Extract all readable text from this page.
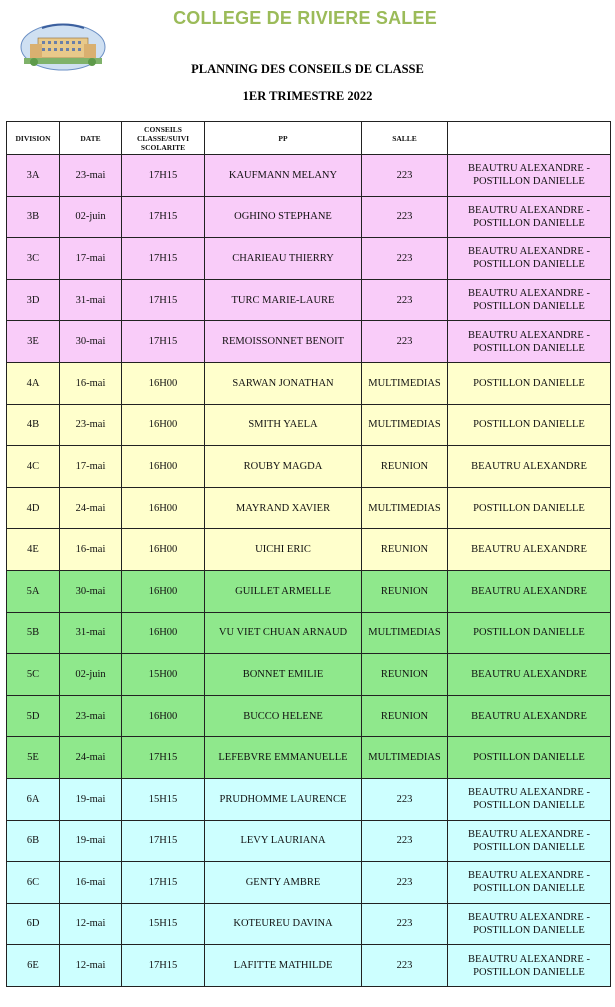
COLLEGE DE RIVIERE SALEE
PLANNING DES CONSEILS DE CLASSE
1ER TRIMESTRE 2022
DIVISION	DATE	CONSEILS CLASSE/SUIVI SCOLARITE	PP	SALLE	
3A	23-mai	17H15	KAUFMANN MELANY	223	BEAUTRU ALEXANDRE - POSTILLON DANIELLE
3B	02-juin	17H15	OGHINO STEPHANE	223	BEAUTRU ALEXANDRE - POSTILLON DANIELLE
3C	17-mai	17H15	CHARIEAU THIERRY	223	BEAUTRU ALEXANDRE - POSTILLON DANIELLE
3D	31-mai	17H15	TURC MARIE-LAURE	223	BEAUTRU ALEXANDRE - POSTILLON DANIELLE
3E	30-mai	17H15	REMOISSONNET BENOIT	223	BEAUTRU ALEXANDRE - POSTILLON DANIELLE
4A	16-mai	16H00	SARWAN JONATHAN	MULTIMEDIAS	POSTILLON DANIELLE
4B	23-mai	16H00	SMITH YAELA	MULTIMEDIAS	POSTILLON DANIELLE
4C	17-mai	16H00	ROUBY MAGDA	REUNION	BEAUTRU ALEXANDRE
4D	24-mai	16H00	MAYRAND XAVIER	MULTIMEDIAS	POSTILLON DANIELLE
4E	16-mai	16H00	UICHI ERIC	REUNION	BEAUTRU ALEXANDRE
5A	30-mai	16H00	GUILLET ARMELLE	REUNION	BEAUTRU ALEXANDRE
5B	31-mai	16H00	VU VIET CHUAN ARNAUD	MULTIMEDIAS	POSTILLON DANIELLE
5C	02-juin	15H00	BONNET EMILIE	REUNION	BEAUTRU ALEXANDRE
5D	23-mai	16H00	BUCCO HELENE	REUNION	BEAUTRU ALEXANDRE
5E	24-mai	17H15	LEFEBVRE EMMANUELLE	MULTIMEDIAS	POSTILLON DANIELLE
6A	19-mai	15H15	PRUDHOMME LAURENCE	223	BEAUTRU ALEXANDRE - POSTILLON DANIELLE
6B	19-mai	17H15	LEVY LAURIANA	223	BEAUTRU ALEXANDRE - POSTILLON DANIELLE
6C	16-mai	17H15	GENTY AMBRE	223	BEAUTRU ALEXANDRE - POSTILLON DANIELLE
6D	12-mai	15H15	KOTEUREU DAVINA	223	BEAUTRU ALEXANDRE - POSTILLON DANIELLE
6E	12-mai	17H15	LAFITTE MATHILDE	223	BEAUTRU ALEXANDRE - POSTILLON DANIELLE
